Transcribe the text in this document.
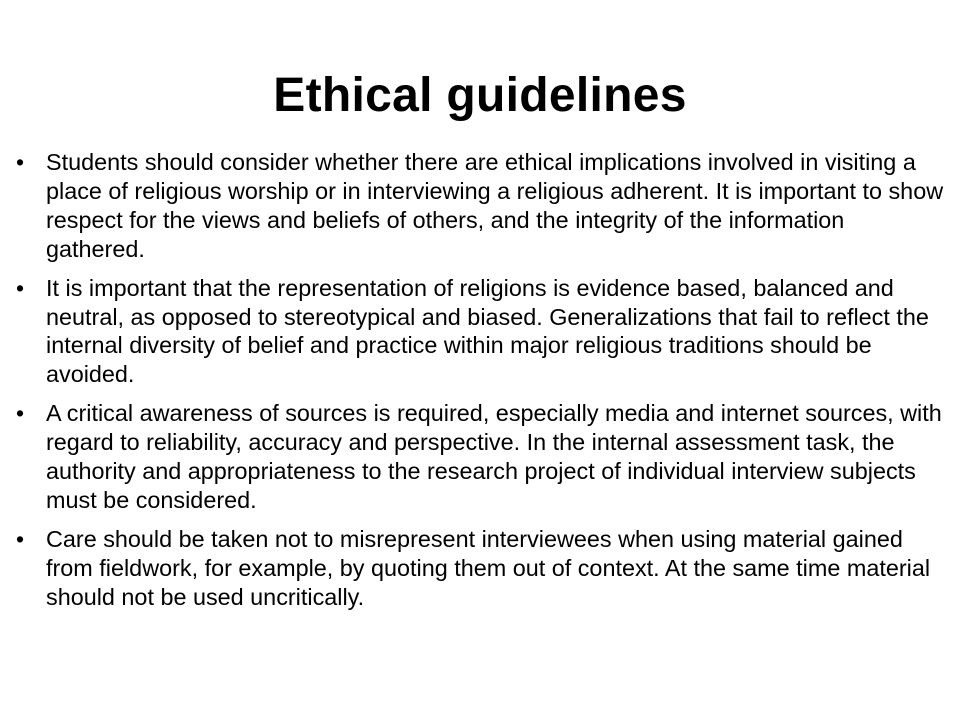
Ethical guidelines
• Students should consider whether there are ethical implications involved in visiting a place of religious worship or in interviewing a religious adherent. It is important to show respect for the views and beliefs of others, and the integrity of the information gathered.
• It is important that the representation of religions is evidence based, balanced and neutral, as opposed to stereotypical and biased. Generalizations that fail to reflect the internal diversity of belief and practice within major religious traditions should be avoided.
• A critical awareness of sources is required, especially media and internet sources, with regard to reliability, accuracy and perspective. In the internal assessment task, the authority and appropriateness to the research project of individual interview subjects must be considered.
• Care should be taken not to misrepresent interviewees when using material gained from fieldwork, for example, by quoting them out of context. At the same time material should not be used uncritically.
